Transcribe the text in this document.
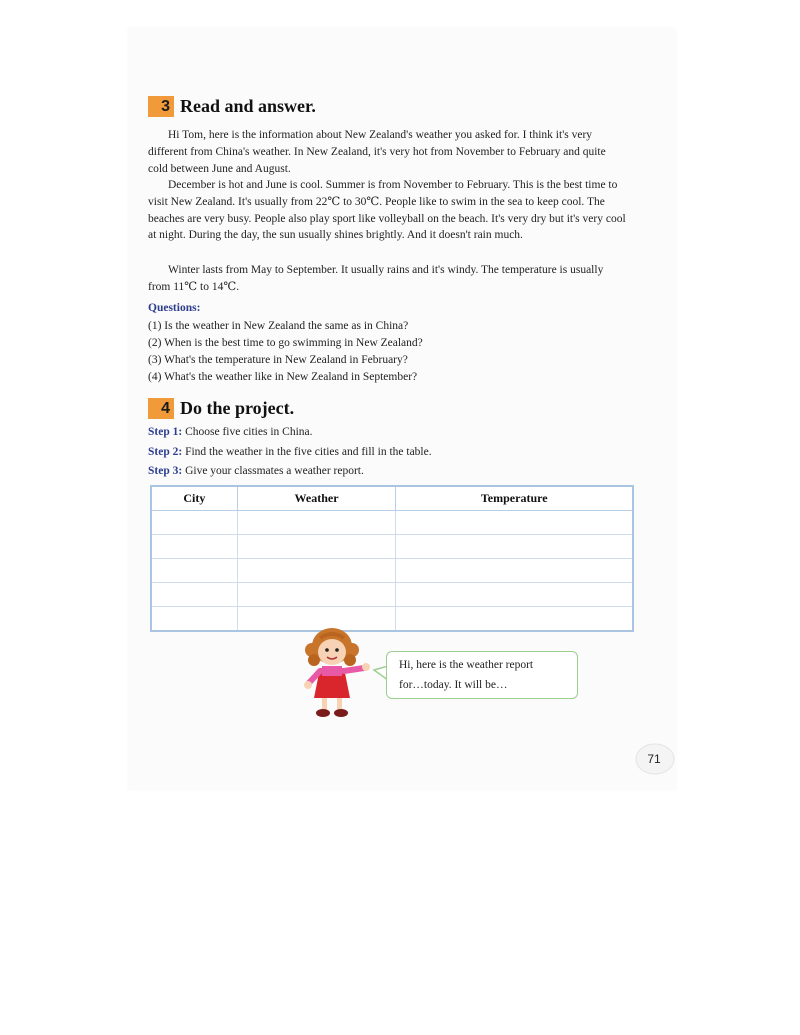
3 Read and answer.

Hi Tom, here is the information about New Zealand's weather you asked for. I think it's very different from China's weather. In New Zealand, it's very hot from November to February and quite cold between June and August.

December is hot and June is cool. Summer is from November to February. This is the best time to visit New Zealand. It's usually from 22℃ to 30℃. People like to swim in the sea to keep cool. The beaches are very busy. People also play sport like volleyball on the beach. It's very dry but it's very cool at night. During the day, the sun usually shines brightly. And it doesn't rain much.

Winter lasts from May to September. It usually rains and it's windy. The temperature is usually from 11℃ to 14℃.

Questions:
(1) Is the weather in New Zealand the same as in China?
(2) When is the best time to go swimming in New Zealand?
(3) What's the temperature in New Zealand in February?
(4) What's the weather like in New Zealand in September?
4 Do the project.
Step 1: Choose five cities in China.
Step 2: Find the weather in the five cities and fill in the table.
Step 3: Give your classmates a weather report.
City	Weather	Temperature

Hi, here is the weather report
for…today. It will be…
71
